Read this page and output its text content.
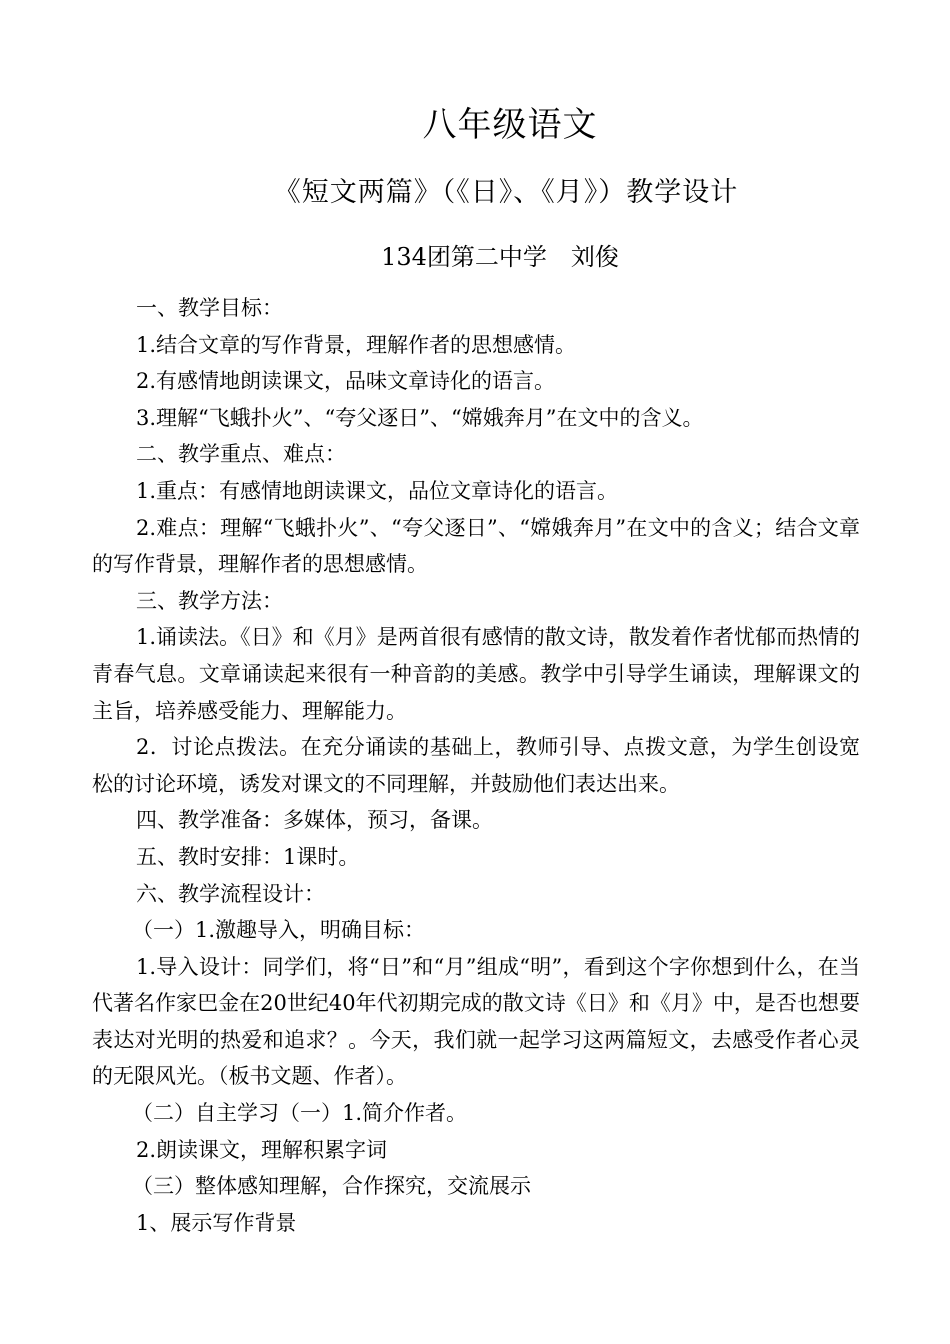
八年级语文
《短文两篇》（《日》、《月》）教学设计
134团第二中学　刘俊

一、教学目标：

1.结合文章的写作背景，理解作者的思想感情。

2.有感情地朗读课文，品味文章诗化的语言。

3.理解“飞蛾扑火”、“夸父逐日”、“嫦娥奔月”在文中的含义。

二、教学重点、难点：

1.重点：有感情地朗读课文，品位文章诗化的语言。

2.难点：理解“飞蛾扑火”、“夸父逐日”、“嫦娥奔月”在文中的含义；结合文章的写作背景，理解作者的思想感情。

三、教学方法：

1.诵读法。《日》和《月》是两首很有感情的散文诗，散发着作者忧郁而热情的青春气息。文章诵读起来很有一种音韵的美感。教学中引导学生诵读，理解课文的主旨，培养感受能力、理解能力。

2．讨论点拨法。在充分诵读的基础上，教师引导、点拨文意，为学生创设宽松的讨论环境，诱发对课文的不同理解，并鼓励他们表达出来。

四、教学准备：多媒体，预习，备课。

五、教时安排：1课时。

六、教学流程设计：

（一）1.激趣导入，明确目标：

1.导入设计：同学们，将“日”和“月”组成“明”，看到这个字你想到什么，在当代著名作家巴金在20世纪40年代初期完成的散文诗《日》和《月》中，是否也想要表达对光明的热爱和追求？。今天，我们就一起学习这两篇短文，去感受作者心灵的无限风光。（板书文题、作者）。

（二）自主学习（一）1.简介作者。

2.朗读课文，理解积累字词

（三）整体感知理解，合作探究，交流展示

1、展示写作背景
